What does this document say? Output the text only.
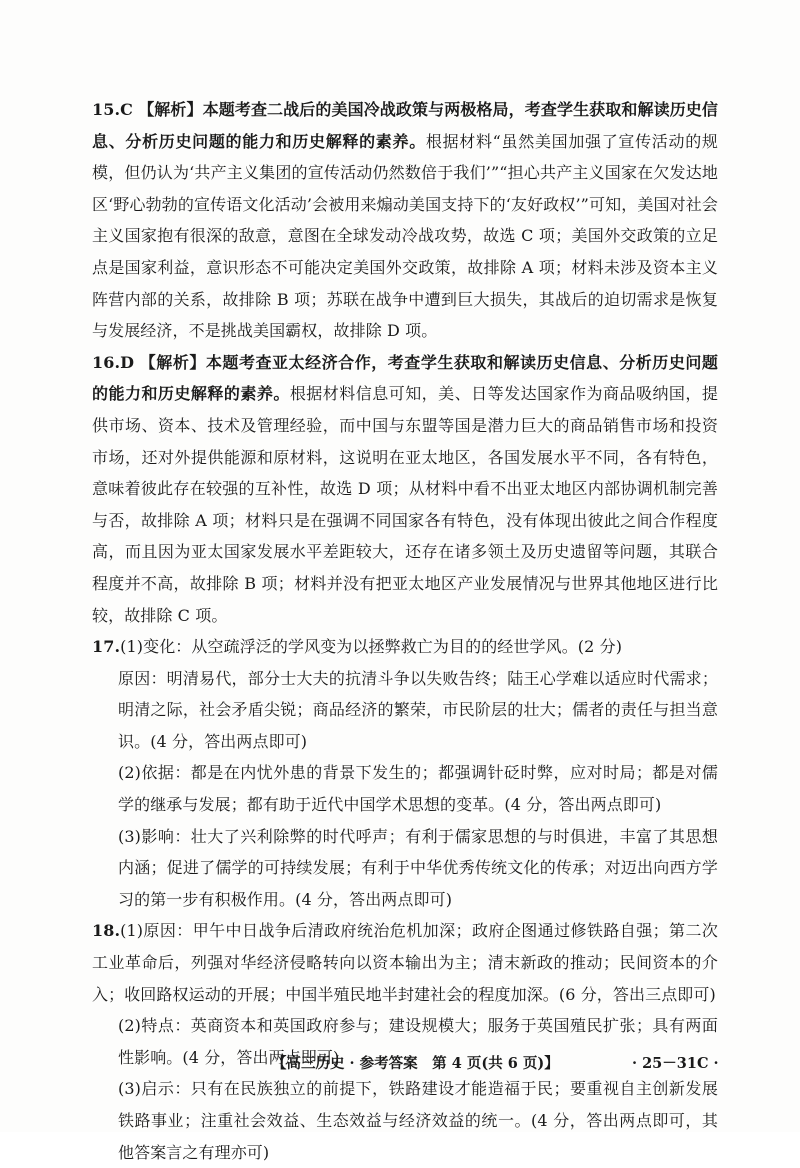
15.C 【解析】本题考查二战后的美国冷战政策与两极格局，考查学生获取和解读历史信息、分析历史问题的能力和历史解释的素养。根据材料“虽然美国加强了宣传活动的规模，但仍认为‘共产主义集团的宣传活动仍然数倍于我们’”“担心共产主义国家在欠发达地区‘野心勃勃的宣传语文化活动’会被用来煽动美国支持下的‘友好政权’”可知，美国对社会主义国家抱有很深的敌意，意图在全球发动冷战攻势，故选 C 项；美国外交政策的立足点是国家利益，意识形态不可能决定美国外交政策，故排除 A 项；材料未涉及资本主义阵营内部的关系，故排除 B 项；苏联在战争中遭到巨大损失，其战后的迫切需求是恢复与发展经济，不是挑战美国霸权，故排除 D 项。

16.D 【解析】本题考查亚太经济合作，考查学生获取和解读历史信息、分析历史问题的能力和历史解释的素养。根据材料信息可知，美、日等发达国家作为商品吸纳国，提供市场、资本、技术及管理经验，而中国与东盟等国是潜力巨大的商品销售市场和投资市场，还对外提供能源和原材料，这说明在亚太地区，各国发展水平不同，各有特色，意味着彼此存在较强的互补性，故选 D 项；从材料中看不出亚太地区内部协调机制完善与否，故排除 A 项；材料只是在强调不同国家各有特色，没有体现出彼此之间合作程度高，而且因为亚太国家发展水平差距较大，还存在诸多领土及历史遗留等问题，其联合程度并不高，故排除 B 项；材料并没有把亚太地区产业发展情况与世界其他地区进行比较，故排除 C 项。

17.(1)变化：从空疏浮泛的学风变为以拯弊救亡为目的的经世学风。(2 分)

原因：明清易代，部分士大夫的抗清斗争以失败告终；陆王心学难以适应时代需求；明清之际，社会矛盾尖锐；商品经济的繁荣，市民阶层的壮大；儒者的责任与担当意识。(4 分，答出两点即可)

(2)依据：都是在内忧外患的背景下发生的；都强调针砭时弊，应对时局；都是对儒学的继承与发展；都有助于近代中国学术思想的变革。(4 分，答出两点即可)

(3)影响：壮大了兴利除弊的时代呼声；有利于儒家思想的与时俱进，丰富了其思想内涵；促进了儒学的可持续发展；有利于中华优秀传统文化的传承；对迈出向西方学习的第一步有积极作用。(4 分，答出两点即可)

18.(1)原因：甲午中日战争后清政府统治危机加深；政府企图通过修铁路自强；第二次工业革命后，列强对华经济侵略转向以资本输出为主；清末新政的推动；民间资本的介入；收回路权运动的开展；中国半殖民地半封建社会的程度加深。(6 分，答出三点即可)

(2)特点：英商资本和英国政府参与；建设规模大；服务于英国殖民扩张；具有两面性影响。(4 分，答出两点即可)

(3)启示：只有在民族独立的前提下，铁路建设才能造福于民；要重视自主创新发展铁路事业；注重社会效益、生态效益与经济效益的统一。(4 分，答出两点即可，其他答案言之有理亦可)

【高三历史 · 参考答案　第 4 页(共 6 页)】	· 25－31C ·
